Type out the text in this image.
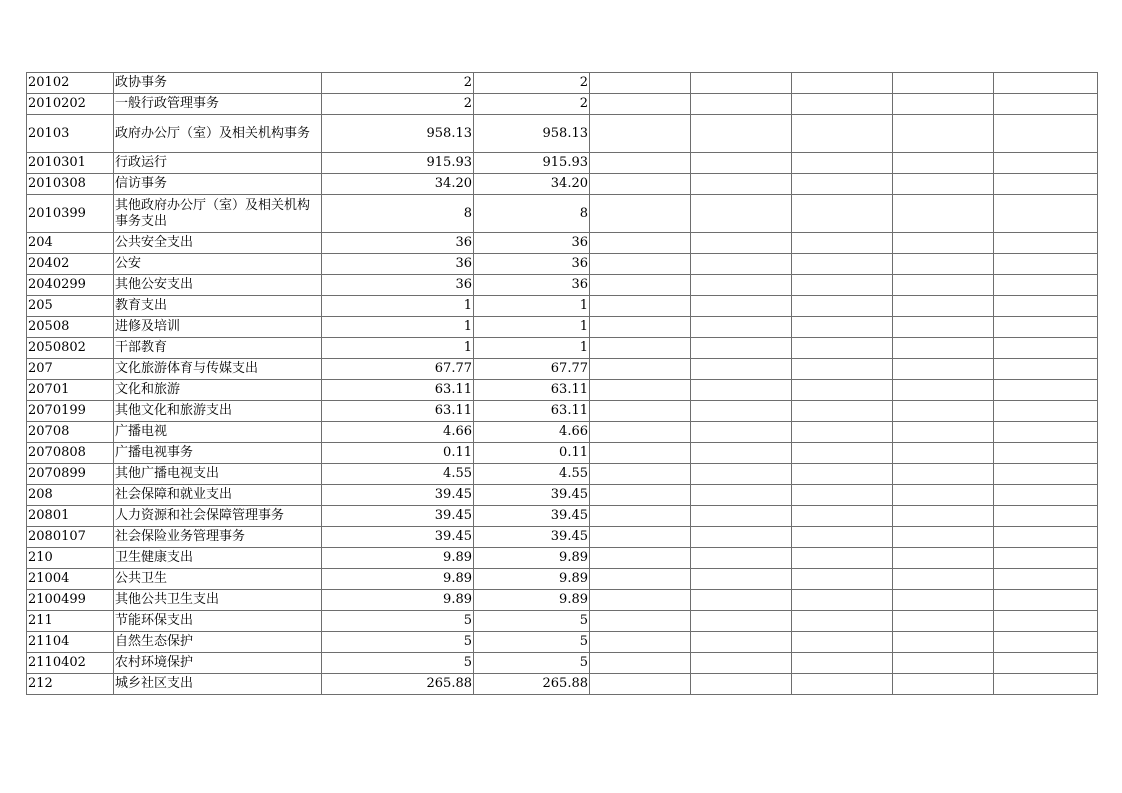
20102	政协事务	2	2					
2010202	一般行政管理事务	2	2					
20103	政府办公厅（室）及相关机构事务	958.13	958.13					
2010301	行政运行	915.93	915.93					
2010308	信访事务	34.20	34.20					
2010399	其他政府办公厅（室）及相关机构事务支出	8	8					
204	公共安全支出	36	36					
20402	公安	36	36					
2040299	其他公安支出	36	36					
205	教育支出	1	1					
20508	进修及培训	1	1					
2050802	干部教育	1	1					
207	文化旅游体育与传媒支出	67.77	67.77					
20701	文化和旅游	63.11	63.11					
2070199	其他文化和旅游支出	63.11	63.11					
20708	广播电视	4.66	4.66					
2070808	广播电视事务	0.11	0.11					
2070899	其他广播电视支出	4.55	4.55					
208	社会保障和就业支出	39.45	39.45					
20801	人力资源和社会保障管理事务	39.45	39.45					
2080107	社会保险业务管理事务	39.45	39.45					
210	卫生健康支出	9.89	9.89					
21004	公共卫生	9.89	9.89					
2100499	其他公共卫生支出	9.89	9.89					
211	节能环保支出	5	5					
21104	自然生态保护	5	5					
2110402	农村环境保护	5	5					
212	城乡社区支出	265.88	265.88					
